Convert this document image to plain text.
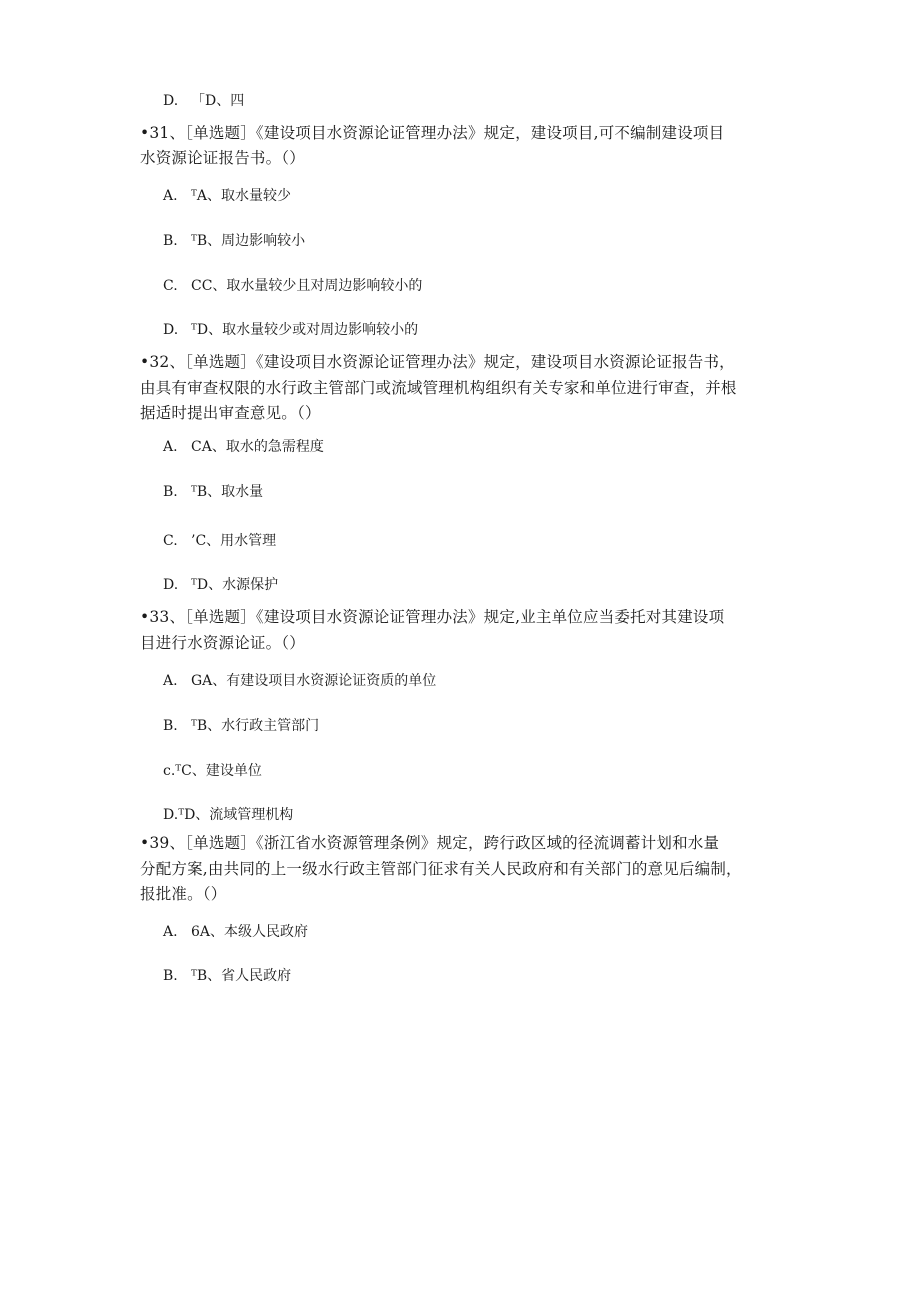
D. 「D、四
•31、［单选题］《建设项目水资源论证管理办法》规定，建设项目,可不编制建设项目
水资源论证报告书。（）
A. ᵀA、取水量较少
B. ᵀB、周边影响较小
C. CC、取水量较少且对周边影响较小的
D. ᵀD、取水量较少或对周边影响较小的
•32、［单选题］《建设项目水资源论证管理办法》规定，建设项目水资源论证报告书，
由具有审查权限的水行政主管部门或流域管理机构组织有关专家和单位进行审查，并根
据适时提出审查意见。（）
A. CA、取水的急需程度
B. ᵀB、取水量
C. ’C、用水管理
D. ᵀD、水源保护
•33、［单选题］《建设项目水资源论证管理办法》规定,业主单位应当委托对其建设项
目进行水资源论证。（）
A. GA、有建设项目水资源论证资质的单位
B. ᵀB、水行政主管部门
c.ᵀC、建设单位
D.ᵀD、流域管理机构
•39、［单选题］《浙江省水资源管理条例》规定，跨行政区域的径流调蓄计划和水量
分配方案,由共同的上一级水行政主管部门征求有关人民政府和有关部门的意见后编制，
报批准。（）
A. 6A、本级人民政府
B. ᵀB、省人民政府
